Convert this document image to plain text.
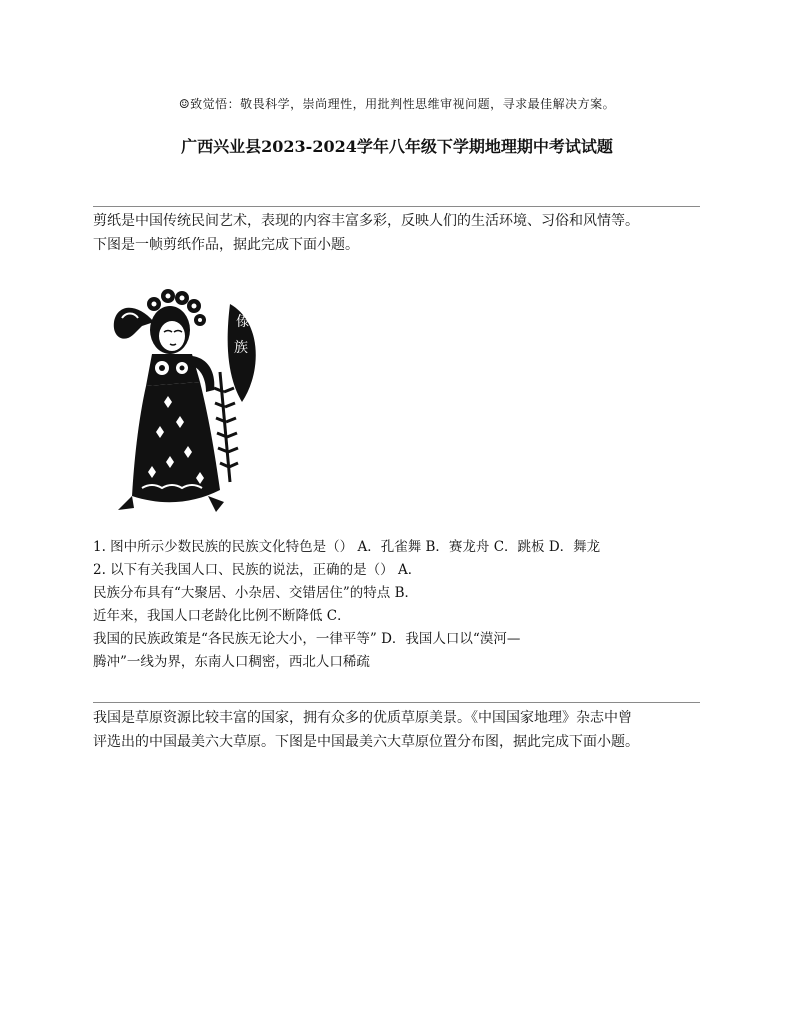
☺致觉悟：敬畏科学，崇尚理性，用批判性思维审视问题，寻求最佳解决方案。
广西兴业县2023-2024学年八年级下学期地理期中考试试题
剪纸是中国传统民间艺术，表现的内容丰富多彩，反映人们的生活环境、习俗和风情等。
下图是一帧剪纸作品，据此完成下面小题。
傣
族
1. 图中所示少数民族的民族文化特色是（） A．孔雀舞 B．赛龙舟 C．跳板 D．舞龙
2. 以下有关我国人口、民族的说法，正确的是（） A．
民族分布具有“大聚居、小杂居、交错居住”的特点 B．
近年来，我国人口老龄化比例不断降低 C．
我国的民族政策是“各民族无论大小，一律平等” D．我国人口以“漠河—
腾冲”一线为界，东南人口稠密，西北人口稀疏
我国是草原资源比较丰富的国家，拥有众多的优质草原美景。《中国国家地理》杂志中曾
评选出的中国最美六大草原。下图是中国最美六大草原位置分布图，据此完成下面小题。
